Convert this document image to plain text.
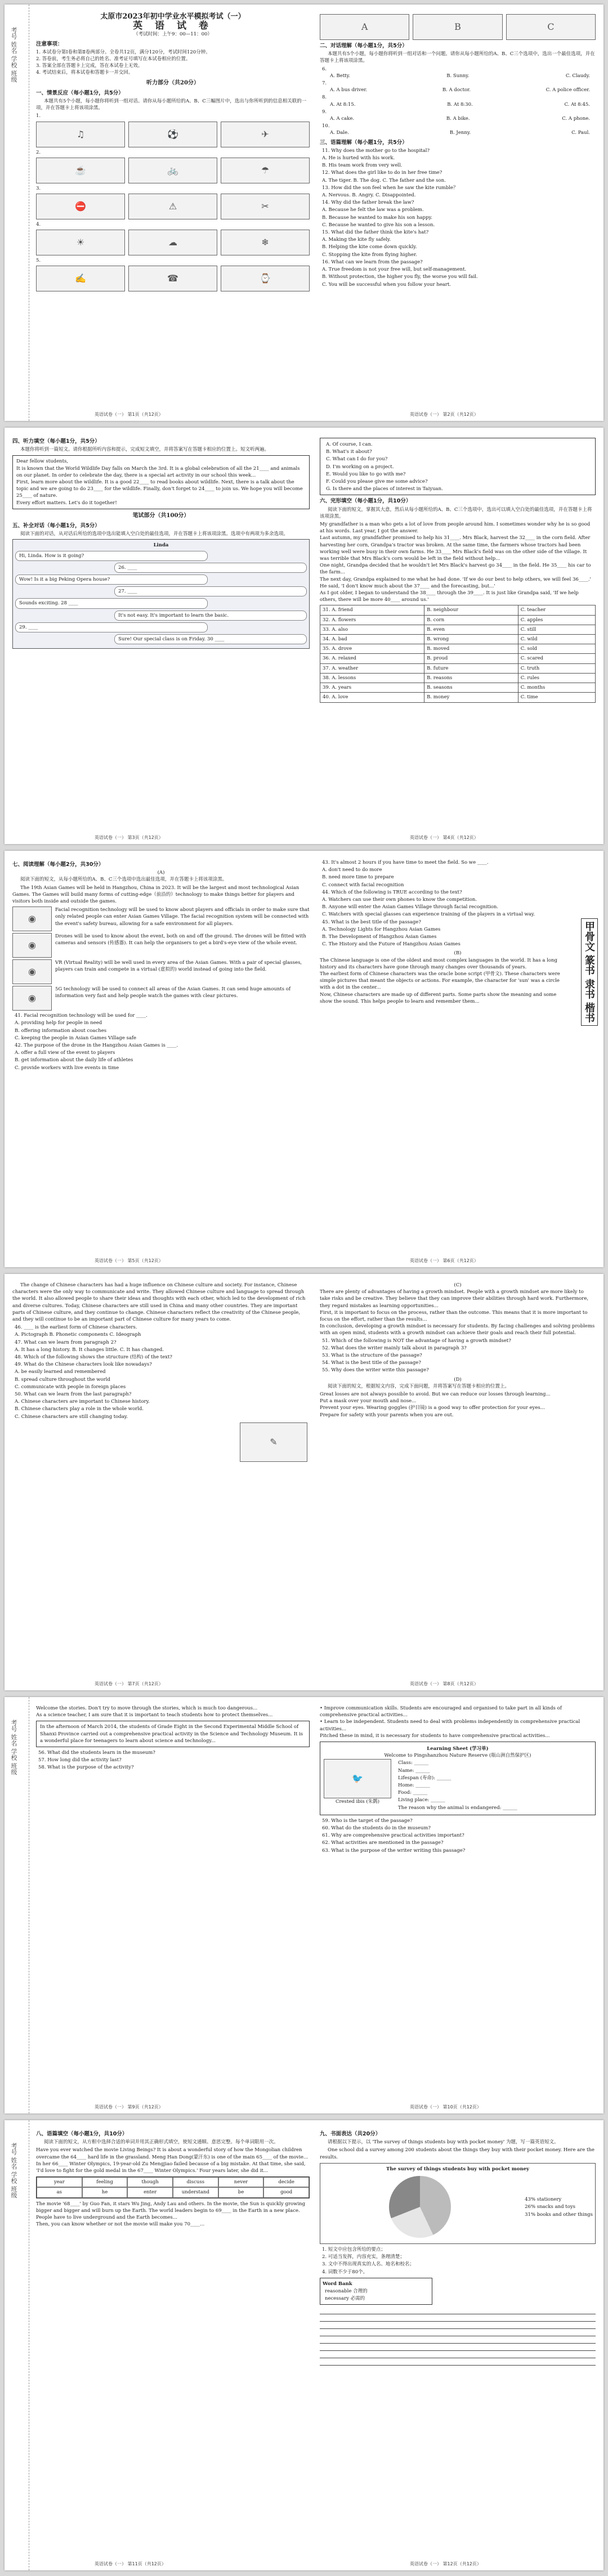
考号 姓名 学校 班级
太原市2023年初中学业水平模拟考试（一）
英 语 试 卷
（考试时间：上午9：00—11：00）
注意事项：
1. 本试卷分第Ⅰ卷和第Ⅱ卷两部分。全卷共12页，满分120分，考试时间120分钟。
2. 答卷前，考生务必将自己的姓名、准考证号填写在本试卷相应的位置。
3. 答案全部在答题卡上完成，答在本试卷上无效。
4. 考试结束后，将本试卷和答题卡一并交回。
听力部分（共20分）
一、情景反应（每小题1分，共5分）

本题共有5个小题，每小题你将听到一组对话。请你从每小题所给的A、B、C三幅图片中，选出与你所听到的信息相关联的一项，并在答题卡上将该项涂黑。

1.
♫	⚽	✈
2.
☕	🚲	☂
3.
⛔	⚠	✂
4.
☀	☁	❄
5.
✍	☎	⌚
A	B	C
二、对话理解（每小题1分，共5分）

本题共有5个小题，每小题你将听到一组对话和一个问题。请你从每小题所给的A、B、C三个选项中，选出一个最佳选项，并在答题卡上将该项涂黑。

6.
A. Betty.	B. Sunny.	C. Claudy.
7.
A. A bus driver.	B. A doctor.	C. A police officer.
8.
A. At 8:15.	B. At 8:30.	C. At 8:45.
9.
A. A cake.	B. A bike.	C. A phone.
10.
A. Dale.	B. Jenny.	C. Paul.
三、语篇理解（每小题1分，共5分）
11. Why does the mother go to the hospital?
A. He is hurted with his work.
B. His team work from very well.
12. What does the girl like to do in her free time?
A. The tiger. B. The dog. C. The father and the son.
13. How did the son feel when he saw the kite rumble？
A. Nervous. B. Angry. C. Disappointed.
14. Why did the father break the law?
A. Because he felt the law was a problem.
B. Because he wanted to make his son happy.
C. Because he wanted to give his son a lesson.
15. What did the father think the kite's hat?
A. Making the kite fly safely.
B. Helping the kite come down quickly.
C. Stopping the kite from flying higher.
16. What can we learn from the passage?
A. True freedom is not your free will, but self-management.
B. Without protection, the higher you fly, the worse you will fail.
C. You will be successful when you follow your heart.
英语试卷（一） 第1页（共12页）	英语试卷（一） 第2页（共12页）
四、听力填空（每小题1分，共5分）

本题你将听到一篇短文。请你根据所听内容和提示，完成短文填空，并将答案写在答题卡相应的位置上。短文听两遍。

Dear fellow students,
It is known that the World Wildlife Day falls on March the 3rd. It is a global celebration of all the 21____ and animals on our planet. In order to celebrate the day, there is a special art activity in our school this week...
First, learn more about the wildlife. It is a good 22____ to read books about wildlife. Next, there is a talk about the topic and we are going to do 23____ for the wildlife. Finally, don't forget to 24____ to join us. We hope you will become 25____ of nature.
Every effort matters. Let's do it together!
笔试部分（共100分）
五、补全对话（每小题1分，共5分）

阅读下面的对话，从对话后所给的选项中选出能填入空白处的最佳选项，并在答题卡上将该项涂黑。选项中有两项为多余选项。

Linda
Hi, Linda. How is it going?
26. ____
Wow! Is it a big Peking Opera house?
27. ____
Sounds exciting. 28 ____
It's not easy. It's important to learn the basic.
29. ____
Sure! Our special class is on Friday. 30 ____
A. Of course, I can.
B. What's it about?
C. What can I do for you?
D. I'm working on a project.
E. Would you like to go with me?
F. Could you please give me some advice?
G. Is there and the places of interest in Taiyuan.
六、完形填空（每小题1分，共10分）

阅读下面的短文，掌握其大意，然后从每小题所给的A、B、C三个选项中，选出可以填入空白处的最佳选项，并在答题卡上将该项涂黑。

My grandfather is a man who gets a lot of love from people around him. I sometimes wonder why he is so good at his words. Last year, I got the answer.
Last autumn, my grandfather promised to help his 31____. Mrs Black, harvest the 32____ in the corn field. After harvesting her corn, Grandpa's tractor was broken. At the same time, the farmers whose tractors had been working well were busy in their own farms. He 33____ Mrs Black's field was on the other side of the village. It was terrible that Mrs Black's corn would be left in the field without help...
One night, Grandpa decided that he wouldn't let Mrs Black's harvest go 34____ in the field. He 35____ his car to the farm...
The next day, Grandpa explained to me what he had done. 'If we do our best to help others, we will feel 36____.' He said, 'I don't know much about the 37____ and the forecasting, but...'
As I got older, I began to understand the 38____ through the 39____. It is just like Grandpa said, 'If we help others, there will be more 40____ around us.'
31. A. friend	B. neighbour	C. teacher
32. A. flowers	B. corn	C. apples
33. A. also	B. even	C. still
34. A. bad	B. wrong	C. wild
35. A. drove	B. moved	C. sold
36. A. relaxed	B. proud	C. scared
37. A. weather	B. future	C. truth
38. A. lessons	B. reasons	C. rules
39. A. years	B. seasons	C. months
40. A. love	B. money	C. time
英语试卷（一） 第3页（共12页）	英语试卷（一） 第4页（共12页）
七、阅读理解（每小题2分，共30分）
(A)

阅读下面的短文，从每小题所给的A、B、C三个选项中选出最佳选项，并在答题卡上将该项涂黑。

The 19th Asian Games will be held in Hangzhou, China in 2023. It will be the largest and most technological Asian Games. The Games will build many forms of cutting-edge（前沿的）technology to make things better for players and visitors both inside and outside the games.

◉
Facial recognition technology will be used to know about players and officials in order to make sure that only related people can enter Asian Games Village. The facial recognition system will be connected with the event's safety bureau, allowing for a safe environment for all players.
◉
Drones will be used to know about the event, both on and off the ground. The drones will be fitted with cameras and sensors (传感器). It can help the organisers to get a bird's-eye view of the whole event.
◉
VR (Virtual Reality) will be well used in every area of the Asian Games. With a pair of special glasses, players can train and compete in a virtual (虚拟的) world instead of going into the field.
◉
5G technology will be used to connect all areas of the Asian Games. It can send huge amounts of information very fast and help people watch the games with clear pictures.
41. Facial recognition technology will be used for ____.
A. providing help for people in need
B. offering information about coaches
C. keeping the people in Asian Games Village safe
42. The purpose of the drone in the Hangzhou Asian Games is ____.
A. offer a full view of the event to players
B. get information about the daily life of athletes
C. provide workers with live events in time
43. It's almost 2 hours if you have time to meet the field. So we ____.
A. don't need to do more
B. need more time to prepare
C. connect with facial recognition
44. Which of the following is TRUE according to the text?
A. Watchers can use their own phones to know the competition.
B. Anyone will enter the Asian Games Village through facial recognition.
C. Watchers with special glasses can experience training of the players in a virtual way.
45. What is the best title of the passage?
A. Technology Lights for Hangzhou Asian Games
B. The Development of Hangzhou Asian Games
C. The History and the Future of Hangzhou Asian Games
(B)
The Chinese language is one of the oldest and most complex languages in the world. It has a long history and its characters have gone through many changes over thousands of years.
The earliest form of Chinese characters was the oracle bone script (甲骨文). These characters were simple pictures that meant the objects or actions. For example, the character for 'sun' was a circle with a dot in the center...
Now, Chinese characters are made up of different parts. Some parts show the meaning and some show the sound. This helps people to learn and remember them...	甲骨文 篆书 隶书 楷书
英语试卷（一） 第5页（共12页）	英语试卷（一） 第6页（共12页）

The change of Chinese characters has had a huge influence on Chinese culture and society. For instance, Chinese characters were the only way to communicate and write. They allowed Chinese culture and language to spread through the world. It also allowed people to share their ideas and thoughts with each other, which led to the development of rich and diverse cultures. Today, Chinese characters are still used in China and many other countries. They are important parts of Chinese culture, and they continue to change. Chinese characters reflect the creativity of the Chinese people, and they will continue to be an important part of Chinese culture for many years to come.

46. ____ is the earliest form of Chinese characters.
A. Pictograph B. Phonetic components C. Ideograph
47. What can we learn from paragraph 2?
A. It has a long history. B. It changes little. C. It has changed.
48. Which of the following shows the structure (结构) of the text?
49. What do the Chinese characters look like nowadays?
A. be easily learned and remembered
B. spread culture throughout the world
C. communicate with people in foreign places
50. What can we learn from the last paragraph?
A. Chinese characters are important to Chinese history.
B. Chinese characters play a role in the whole world.
C. Chinese characters are still changing today.
✎
(C)
There are plenty of advantages of having a growth mindset. People with a growth mindset are more likely to take risks and be creative. They believe that they can improve their abilities through hard work. Furthermore, they regard mistakes as learning opportunities...
First, it is important to focus on the process, rather than the outcome. This means that it is more important to focus on the effort, rather than the results...
In conclusion, developing a growth mindset is necessary for students. By facing challenges and solving problems with an open mind, students with a growth mindset can achieve their goals and reach their full potential.
51. Which of the following is NOT the advantage of having a growth mindset?
52. What does the writer mainly talk about in paragraph 3?
53. What is the structure of the passage?
54. What is the best title of the passage?
55. Why does the writer write this passage?
(D)

阅读下面的短文，根据短文内容，完成下面问题，并将答案写在答题卡相应的位置上。

Great losses are not always possible to avoid. But we can reduce our losses through learning...
Put a mask over your mouth and nose...
Prevent your eyes. Wearing goggles (护目镜) is a good way to offer protection for your eyes...
Prepare for safety with your parents when you are out.
英语试卷（一） 第7页（共12页）	英语试卷（一） 第8页（共12页）
考号 姓名 学校 班级
Welcome the stories. Don't try to move through the stories, which is much too dangerous...
As a science teacher, I am sure that it is important to teach students how to protect themselves...
In the afternoon of March 2014, the students of Grade Eight in the Second Experimental Middle School of Shanxi Province carried out a comprehensive practical activity in the Science and Technology Museum. It is a wonderful place for teenagers to learn about science and technology...
56. What did the students learn in the museum?
57. How long did the activity last?
58. What is the purpose of the activity?
• Improve communication skills. Students are encouraged and organised to take part in all kinds of comprehensive practical activities...
• Learn to be independent. Students need to deal with problems independently in comprehensive practical activities...
Pitched these in mind, it is necessary for students to have comprehensive practical activities...
Learning Sheet (学习单)
Welcome to Pingshanzhou Nature Reserve (瓶山洲自然保护区)
🐦
Crested ibis (朱鹮)
Class: ______
Name: ______
Lifespan (寿命): ______
Home: ______
Food: ______
Living place: ______
The reason why the animal is endangered: ______
59. Who is the target of the passage?
60. What do the students do in the museum?
61. Why are comprehensive practical activities important?
62. What activities are mentioned in the passage?
63. What is the purpose of the writer writing this passage?
英语试卷（一） 第9页（共12页）	英语试卷（一） 第10页（共12页）
考号 姓名 学校 班级
八、语篇填空（每小题1分，共10分）

阅读下面的短文，从方框中选择合适的单词并用其正确形式填空，使短文通顺、意思完整。每个单词限用一次。

Have you ever watched the movie Living Beings? It is about a wonderful story of how the Mongolian children overcame the 64____ hard life in the grassland. Meng Han Dong(蒙汗东) is one of the main 65____ of the movie...
In her 66____ Winter Olympics, 19-year-old Zu Mengjiao failed because of a big mistake. At that time, she said, 'I'd love to fight for the gold medal in the 67____ Winter Olympics.' Four years later, she did it...
year	feeling	though	discuss	never	decide
as	he	enter	understand	be	good
The movie '68____' by Guo Fan, it stars Wu Jing, Andy Lau and others. In the movie, the Sun is quickly growing bigger and bigger and will burn up the Earth. The world leaders begin to 69____ in the Earth in a new place. People have to live underground and the Earth becomes...
Then, you can know whether or not the movie will make you 70____...
九、书面表达（共20分）

请根据以下提示，以 'The survey of things students buy with pocket money' 为题，写一篇英语短文。

One school did a survey among 200 students about the things they buy with their pocket money. Here are the results.

The survey of things students buy with pocket money
43% stationery
26% snacks and toys
31% books and other things
1. 短文中应包含所给的要点；
2. 可适当发挥，内容充实，条理清楚；
3. 文中不得出现真实的人名、地名和校名；
4. 词数不少于80个。
Word Bank
reasonable 合理的
necessary 必需的
英语试卷（一） 第11页（共12页）	英语试卷（一） 第12页（共12页）
